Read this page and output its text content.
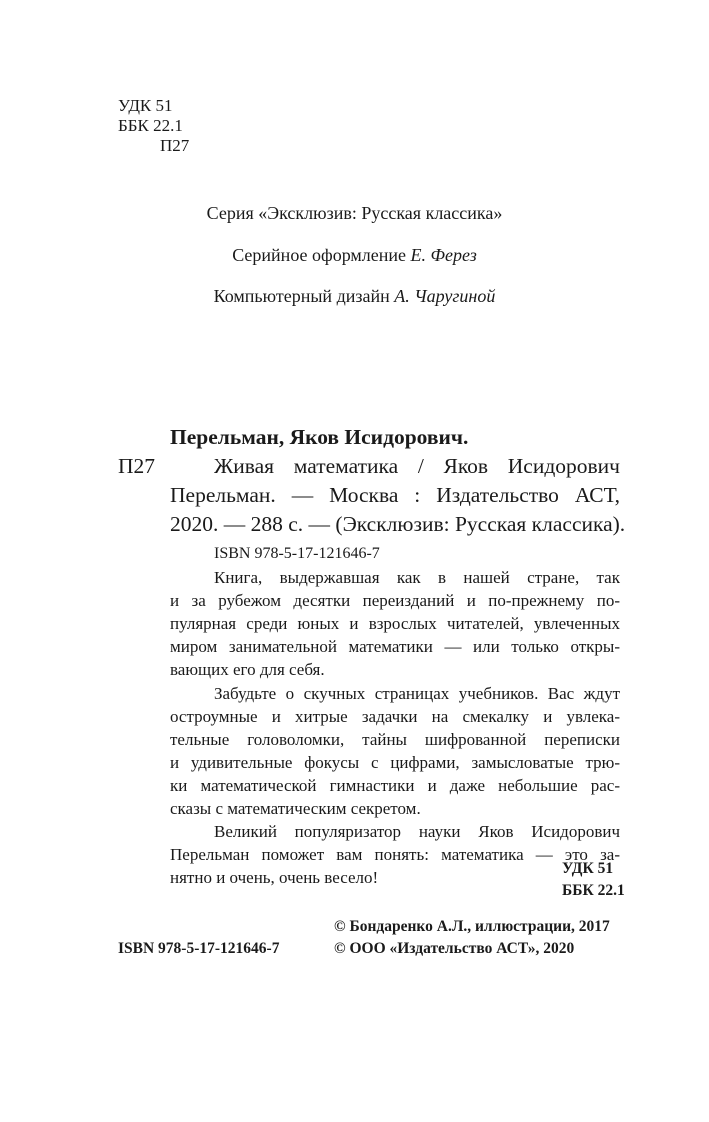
УДК 51
ББК 22.1
П27
Серия «Эксклюзив: Русская классика»
Серийное оформление Е. Ферез
Компьютерный дизайн А. Чаругиной
Перельман, Яков Исидорович.
П27	Живая математика / Яков Исидорович
Перельман. — Москва : Издательство АСТ,
2020. — 288 с. — (Эксклюзив: Русская классика).
ISBN 978-5-17-121646-7
Книга, выдержавшая как в нашей стране, так
и за рубежом десятки переизданий и по-прежнему по-
пулярная среди юных и взрослых читателей, увлеченных
миром занимательной математики — или только откры-
вающих его для себя.
Забудьте о скучных страницах учебников. Вас ждут
остроумные и хитрые задачки на смекалку и увлека-
тельные головоломки, тайны шифрованной переписки
и удивительные фокусы с цифрами, замысловатые трю-
ки математической гимнастики и даже небольшие рас-
сказы с математическим секретом.
Великий популяризатор науки Яков Исидорович
Перельман поможет вам понять: математика — это за-
нятно и очень, очень весело!	УДК 51
ББК 22.1
ISBN 978-5-17-121646-7
© Бондаренко А.Л., иллюстрации, 2017
© ООО «Издательство АСТ», 2020
